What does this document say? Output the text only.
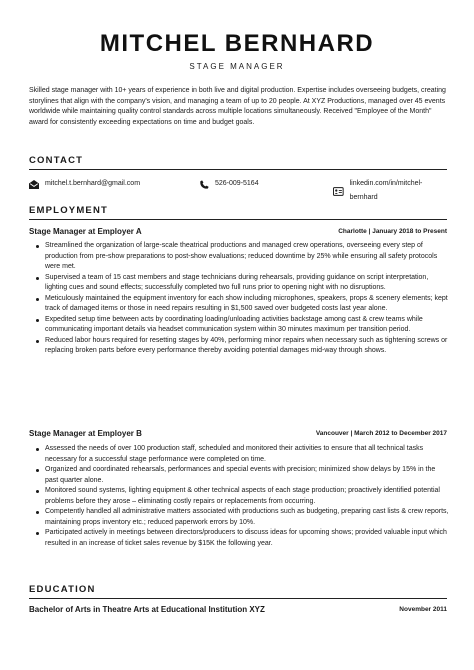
MITCHEL BERNHARD
STAGE MANAGER
Skilled stage manager with 10+ years of experience in both live and digital production. Expertise includes overseeing budgets, creating storylines that align with the company's vision, and managing a team of up to 20 people. At XYZ Productions, managed over 45 events worldwide while maintaining quality control standards across multiple locations simultaneously. Received "Employee of the Month" award for consistently exceeding expectations on time and budget goals.
CONTACT
mitchel.t.bernhard@gmail.com	526-009-5164	linkedin.com/in/mitchel-bernhard
EMPLOYMENT
Stage Manager at Employer A	Charlotte | January 2018 to Present
Streamlined the organization of large-scale theatrical productions and managed crew operations, overseeing every step of production from pre-show preparations to post-show evaluations; reduced downtime by 25% while ensuring all safety protocols were met.
Supervised a team of 15 cast members and stage technicians during rehearsals, providing guidance on script interpretation, lighting cues and sound effects; successfully completed two full runs prior to opening night with no disruptions.
Meticulously maintained the equipment inventory for each show including microphones, speakers, props & scenery elements; kept track of damaged items or those in need repairs resulting in $1,500 saved over budgeted costs last year alone.
Expedited setup time between acts by coordinating loading/unloading activities backstage among cast & crew teams while communicating important details via headset communication system within 30 minutes maximum per transition period.
Reduced labor hours required for resetting stages by 40%, performing minor repairs when necessary such as tightening screws or replacing broken parts before every performance thereby avoiding potential damages mid-way through shows.
Stage Manager at Employer B	Vancouver | March 2012 to December 2017
Assessed the needs of over 100 production staff, scheduled and monitored their activities to ensure that all technical tasks necessary for a successful stage performance were completed on time.
Organized and coordinated rehearsals, performances and special events with precision; minimized show delays by 15% in the past quarter alone.
Monitored sound systems, lighting equipment & other technical aspects of each stage production; proactively identified potential problems before they arose – eliminating costly repairs or replacements from occurring.
Competently handled all administrative matters associated with productions such as budgeting, preparing cast lists & crew reports, maintaining props inventory etc.; reduced paperwork errors by 10%.
Participated actively in meetings between directors/producers to discuss ideas for upcoming shows; provided valuable input which resulted in an increase of ticket sales revenue by $15K the following year.
EDUCATION
Bachelor of Arts in Theatre Arts at Educational Institution XYZ	November 2011
